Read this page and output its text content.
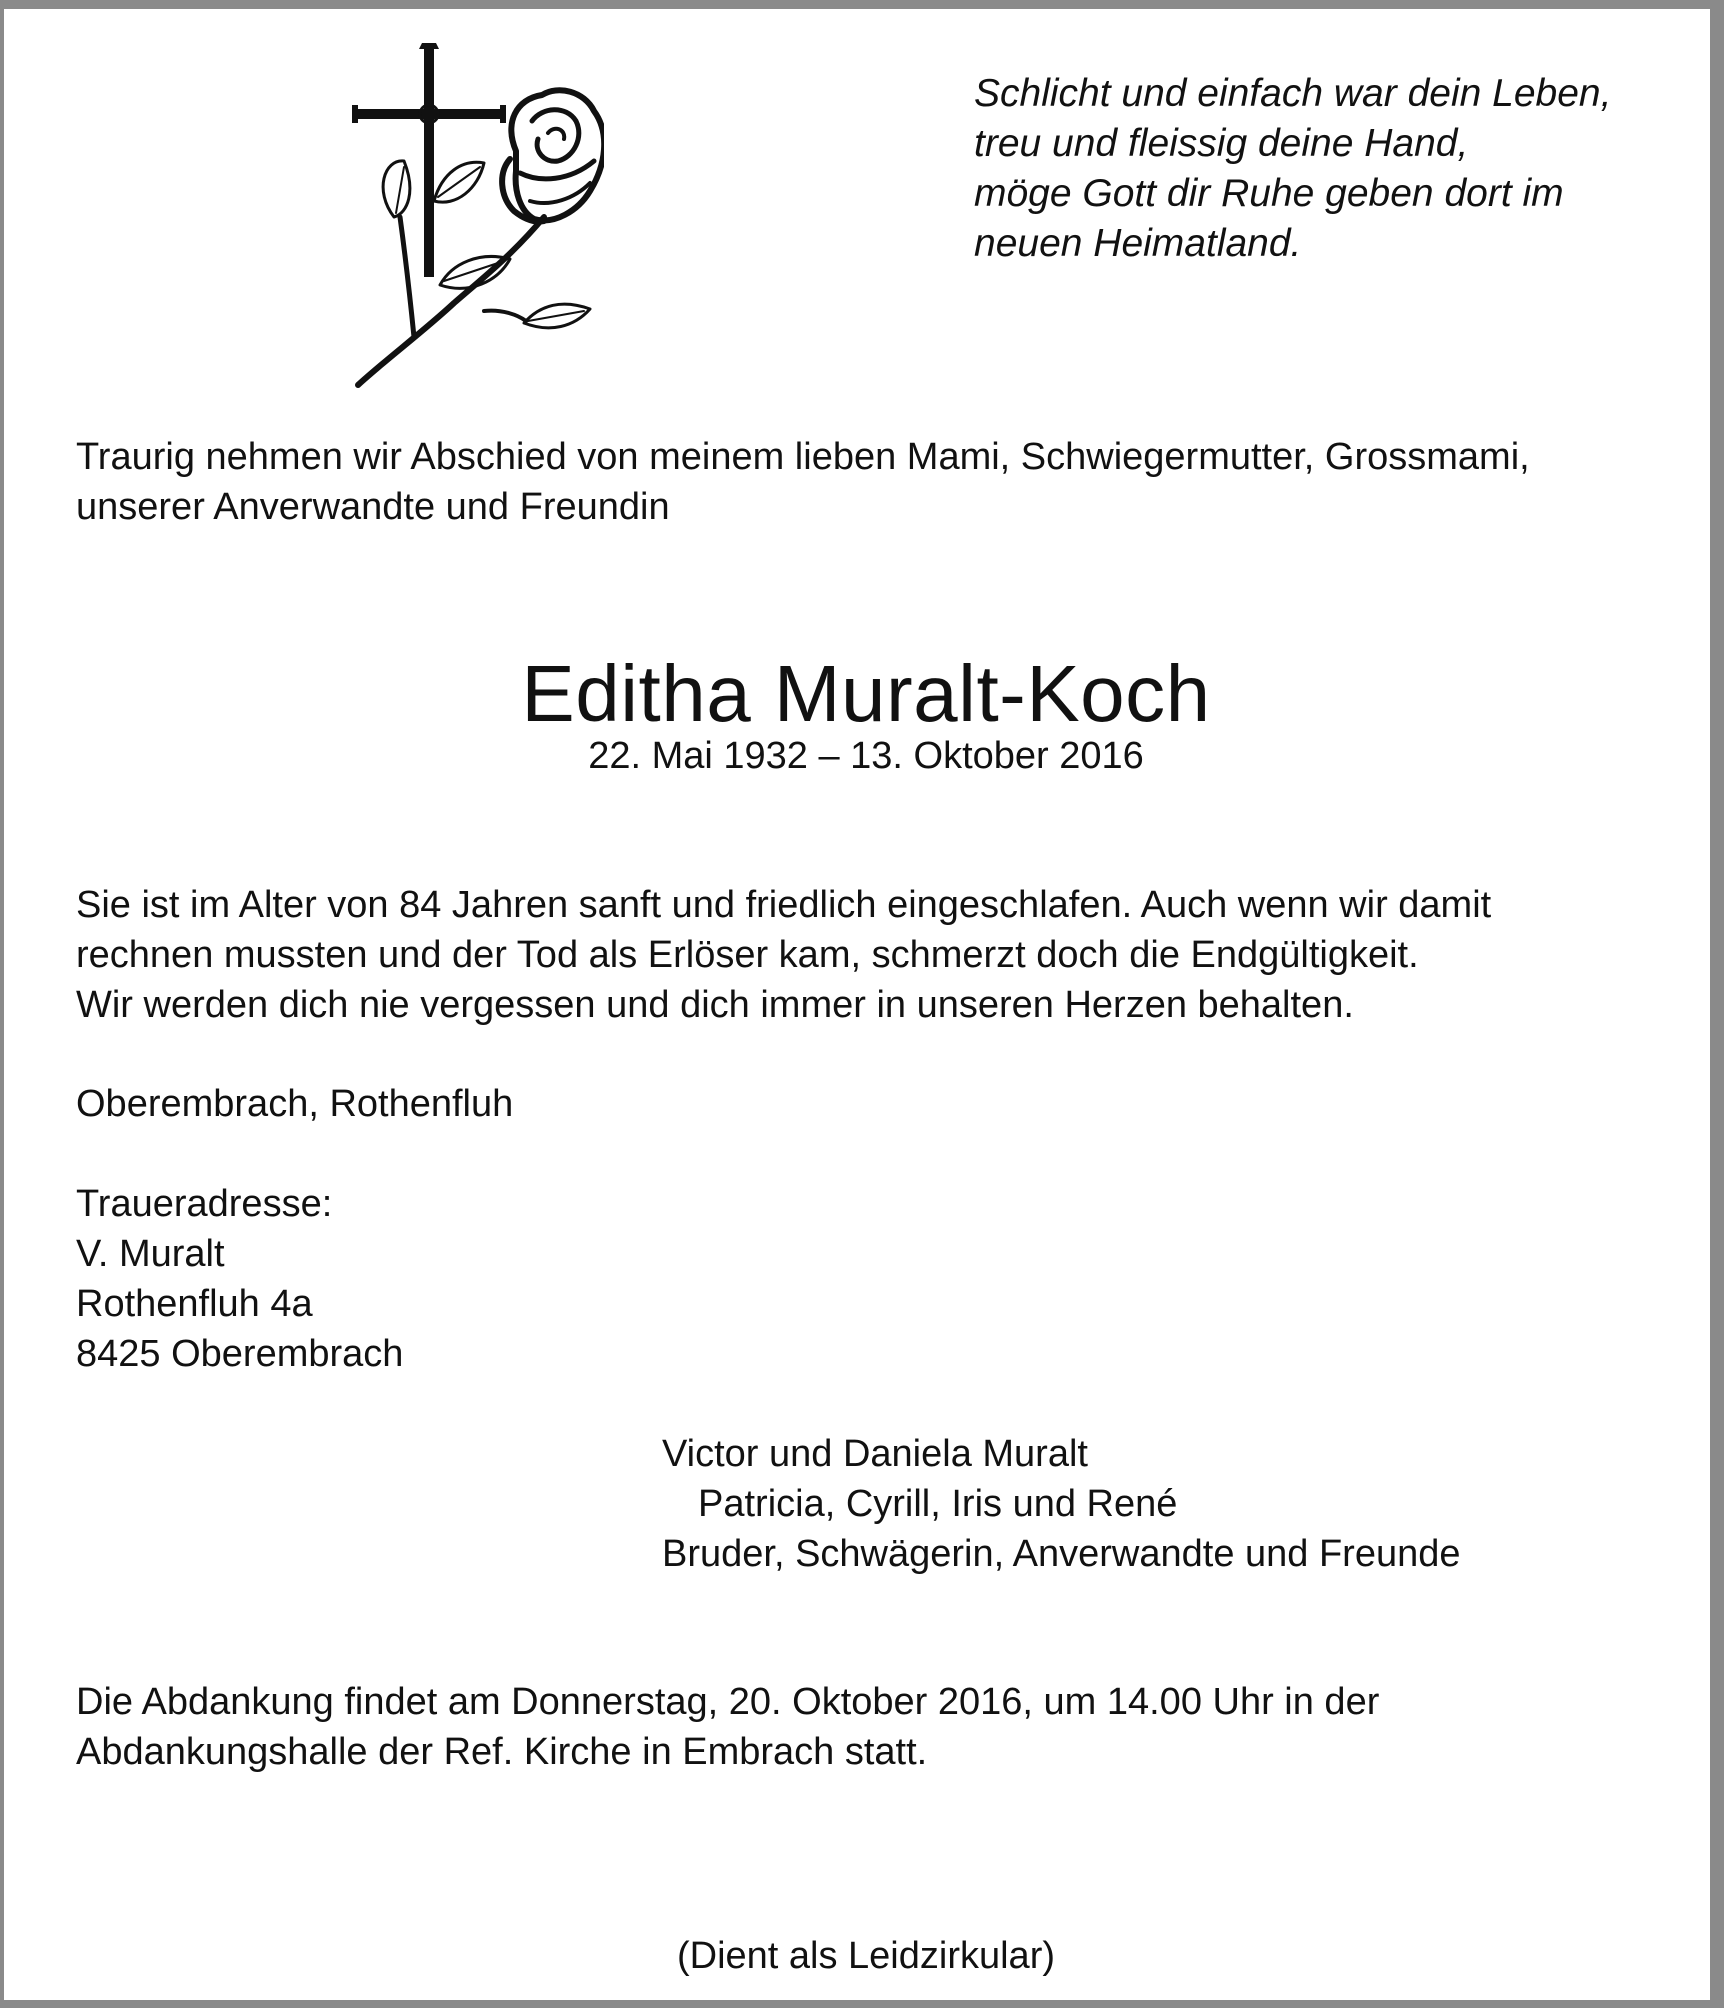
Schlicht und einfach war dein Leben,
treu und fleissig deine Hand,
möge Gott dir Ruhe geben dort im
neuen Heimatland.
Traurig nehmen wir Abschied von meinem lieben Mami, Schwiegermutter, Grossmami,
unserer Anverwandte und Freundin
Editha Muralt-Koch
22. Mai 1932 – 13. Oktober 2016
Sie ist im Alter von 84 Jahren sanft und friedlich eingeschlafen. Auch wenn wir damit
rechnen mussten und der Tod als Erlöser kam, schmerzt doch die Endgültigkeit.
Wir werden dich nie vergessen und dich immer in unseren Herzen behalten.
Oberembrach, Rothenfluh
Traueradresse:
V. Muralt
Rothenfluh 4a
8425 Oberembrach
Victor und Daniela Muralt
Patricia, Cyrill, Iris und René
Bruder, Schwägerin, Anverwandte und Freunde
Die Abdankung findet am Donnerstag, 20. Oktober 2016, um 14.00 Uhr in der
Abdankungshalle der Ref. Kirche in Embrach statt.
(Dient als Leidzirkular)
